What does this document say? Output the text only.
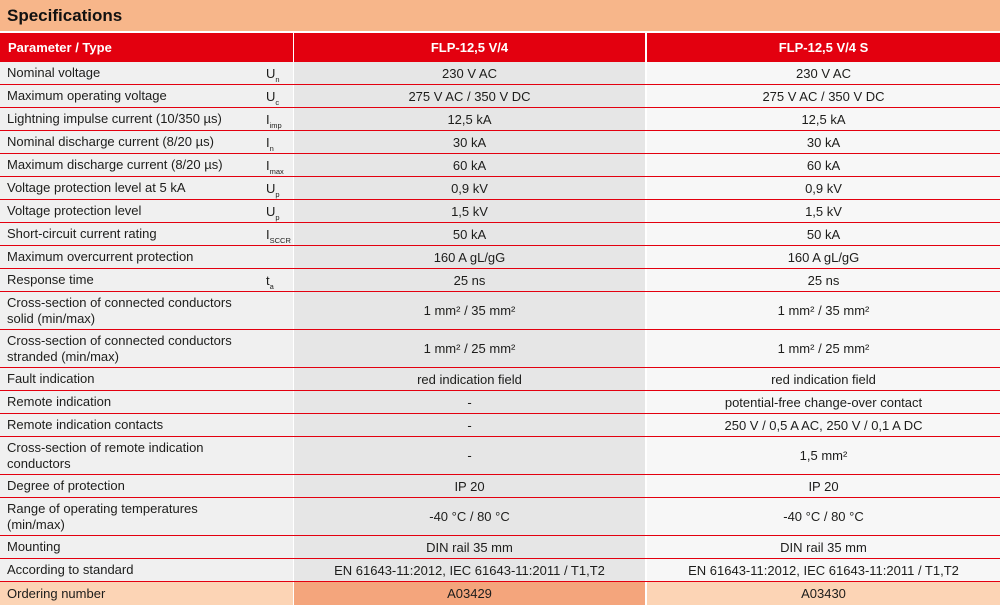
Specifications
Parameter / Type	FLP-12,5 V/4	FLP-12,5 V/4 S
Nominal voltage	$U_n$	230 V AC	230 V AC
Maximum operating voltage	$U_c$	275 V AC / 350 V DC	275 V AC / 350 V DC
Lightning impulse current (10/350 µs)	$I_{imp}$	12,5 kA	12,5 kA
Nominal discharge current (8/20 µs)	$I_n$	30 kA	30 kA
Maximum discharge current (8/20 µs)	$I_{max}$	60 kA	60 kA
Voltage protection level at 5 kA	$U_p$	0,9 kV	0,9 kV
Voltage protection level	$U_p$	1,5 kV	1,5 kV
Short-circuit current rating	$I_{SCCR}$	50 kA	50 kA
Maximum overcurrent protection	160 A gL/gG	160 A gL/gG
Response time	$t_a$	25 ns	25 ns
Cross-section of connected conductors
solid (min/max)	1 mm² / 35 mm²	1 mm² / 35 mm²
Cross-section of connected conductors
stranded (min/max)	1 mm² / 25 mm²	1 mm² / 25 mm²
Fault indication	red indication field	red indication field
Remote indication	-	potential-free change-over contact
Remote indication contacts	-	250 V / 0,5 A AC, 250 V / 0,1 A DC
Cross-section of remote indication
conductors	-	1,5 mm²
Degree of protection	IP 20	IP 20
Range of operating temperatures
(min/max)	-40 °C / 80 °C	-40 °C / 80 °C
Mounting	DIN rail 35 mm	DIN rail 35 mm
According to standard	EN 61643-11:2012, IEC 61643-11:2011 / T1,T2	EN 61643-11:2012, IEC 61643-11:2011 / T1,T2
Ordering number	A03429	A03430
